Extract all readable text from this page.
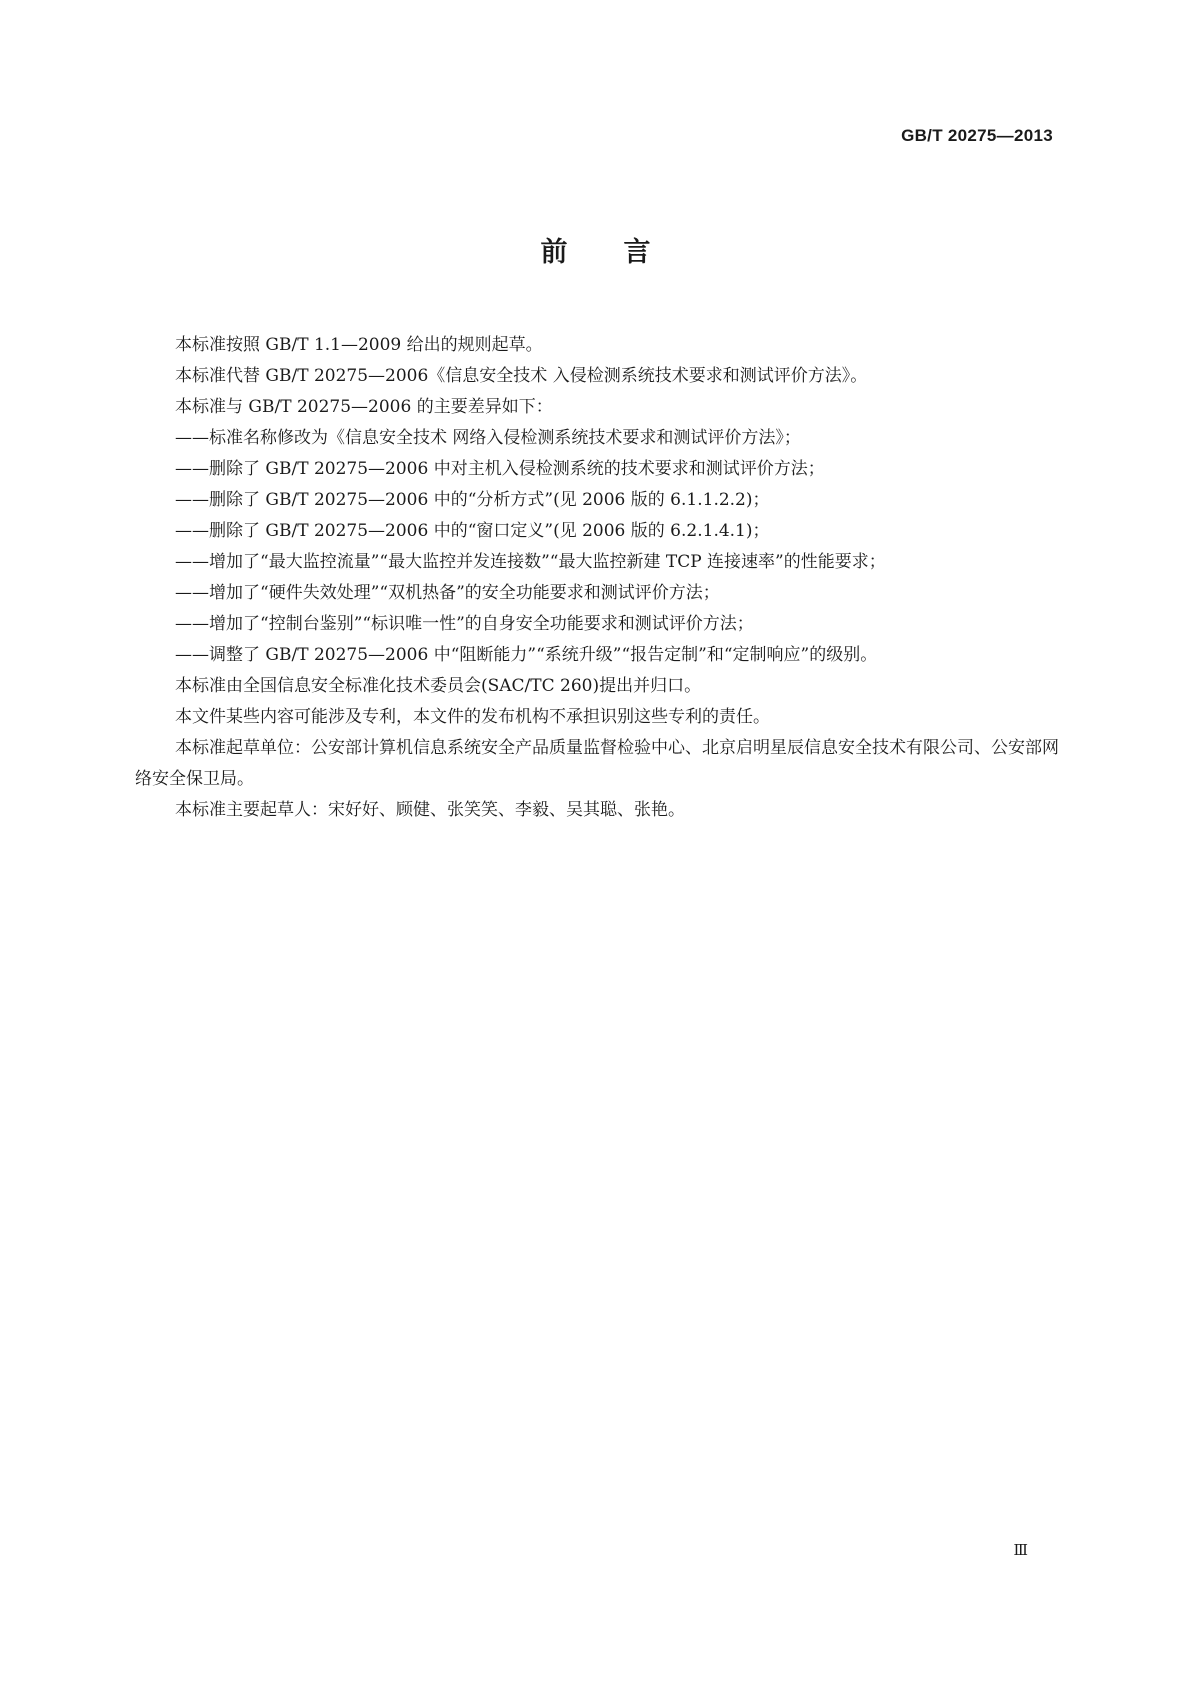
GB/T 20275—2013
前言

本标准按照 GB/T 1.1—2009 给出的规则起草。

本标准代替 GB/T 20275—2006《信息安全技术 入侵检测系统技术要求和测试评价方法》。

本标准与 GB/T 20275—2006 的主要差异如下：

——标准名称修改为《信息安全技术 网络入侵检测系统技术要求和测试评价方法》；

——删除了 GB/T 20275—2006 中对主机入侵检测系统的技术要求和测试评价方法；

——删除了 GB/T 20275—2006 中的“分析方式”(见 2006 版的 6.1.1.2.2)；

——删除了 GB/T 20275—2006 中的“窗口定义”(见 2006 版的 6.2.1.4.1)；

——增加了“最大监控流量”“最大监控并发连接数”“最大监控新建 TCP 连接速率”的性能要求；

——增加了“硬件失效处理”“双机热备”的安全功能要求和测试评价方法；

——增加了“控制台鉴别”“标识唯一性”的自身安全功能要求和测试评价方法；

——调整了 GB/T 20275—2006 中“阻断能力”“系统升级”“报告定制”和“定制响应”的级别。

本标准由全国信息安全标准化技术委员会(SAC/TC 260)提出并归口。

本文件某些内容可能涉及专利，本文件的发布机构不承担识别这些专利的责任。

本标准起草单位：公安部计算机信息系统安全产品质量监督检验中心、北京启明星辰信息安全技术有限公司、公安部网络安全保卫局。

本标准主要起草人：宋好好、顾健、张笑笑、李毅、吴其聪、张艳。

Ⅲ
